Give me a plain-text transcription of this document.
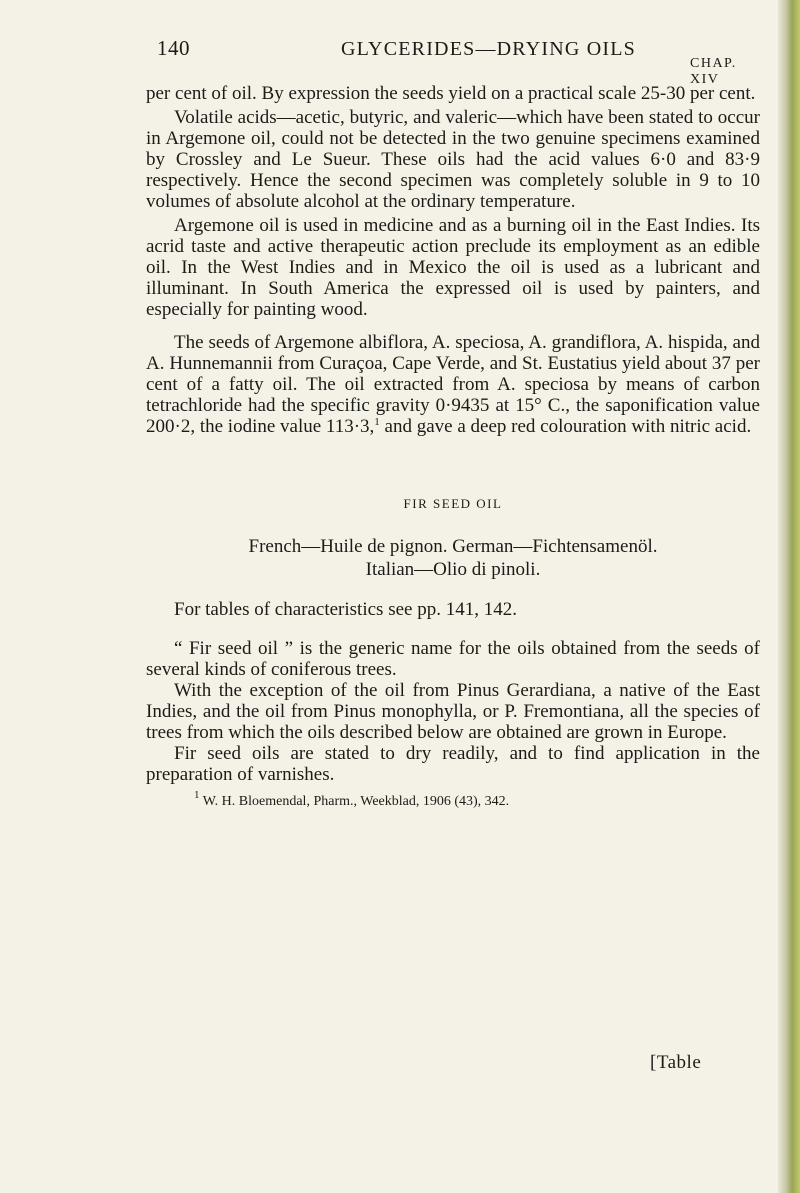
140	GLYCERIDES—DRYING OILS
CHAP. XIV

per cent of oil. By expression the seeds yield on a practical scale 25-30 per cent.

Volatile acids—acetic, butyric, and valeric—which have been stated to occur in Argemone oil, could not be detected in the two genuine specimens examined by Crossley and Le Sueur. These oils had the acid values 6·0 and 83·9 respectively. Hence the second specimen was completely soluble in 9 to 10 volumes of absolute alcohol at the ordinary temperature.

Argemone oil is used in medicine and as a burning oil in the East Indies. Its acrid taste and active therapeutic action preclude its employment as an edible oil. In the West Indies and in Mexico the oil is used as a lubricant and illuminant. In South America the expressed oil is used by painters, and especially for painting wood.

The seeds of Argemone albiflora, A. speciosa, A. grandiflora, A. hispida, and A. Hunnemannii from Curaçoa, Cape Verde, and St. Eustatius yield about 37 per cent of a fatty oil. The oil extracted from A. speciosa by means of carbon tetrachloride had the specific gravity 0·9435 at 15° C., the saponification value 200·2, the iodine value 113·3,$^1$ and gave a deep red colouration with nitric acid.

FIR SEED OIL

French—Huile de pignon. German—Fichtensamenöl.
Italian—Olio di pinoli.

For tables of characteristics see pp. 141, 142.

“ Fir seed oil ” is the generic name for the oils obtained from the seeds of several kinds of coniferous trees.

With the exception of the oil from Pinus Gerardiana, a native of the East Indies, and the oil from Pinus monophylla, or P. Fremontiana, all the species of trees from which the oils described below are obtained are grown in Europe.

Fir seed oils are stated to dry readily, and to find application in the preparation of varnishes.

$^1$ W. H. Bloemendal, Pharm., Weekblad, 1906 (43), 342.

[Table
